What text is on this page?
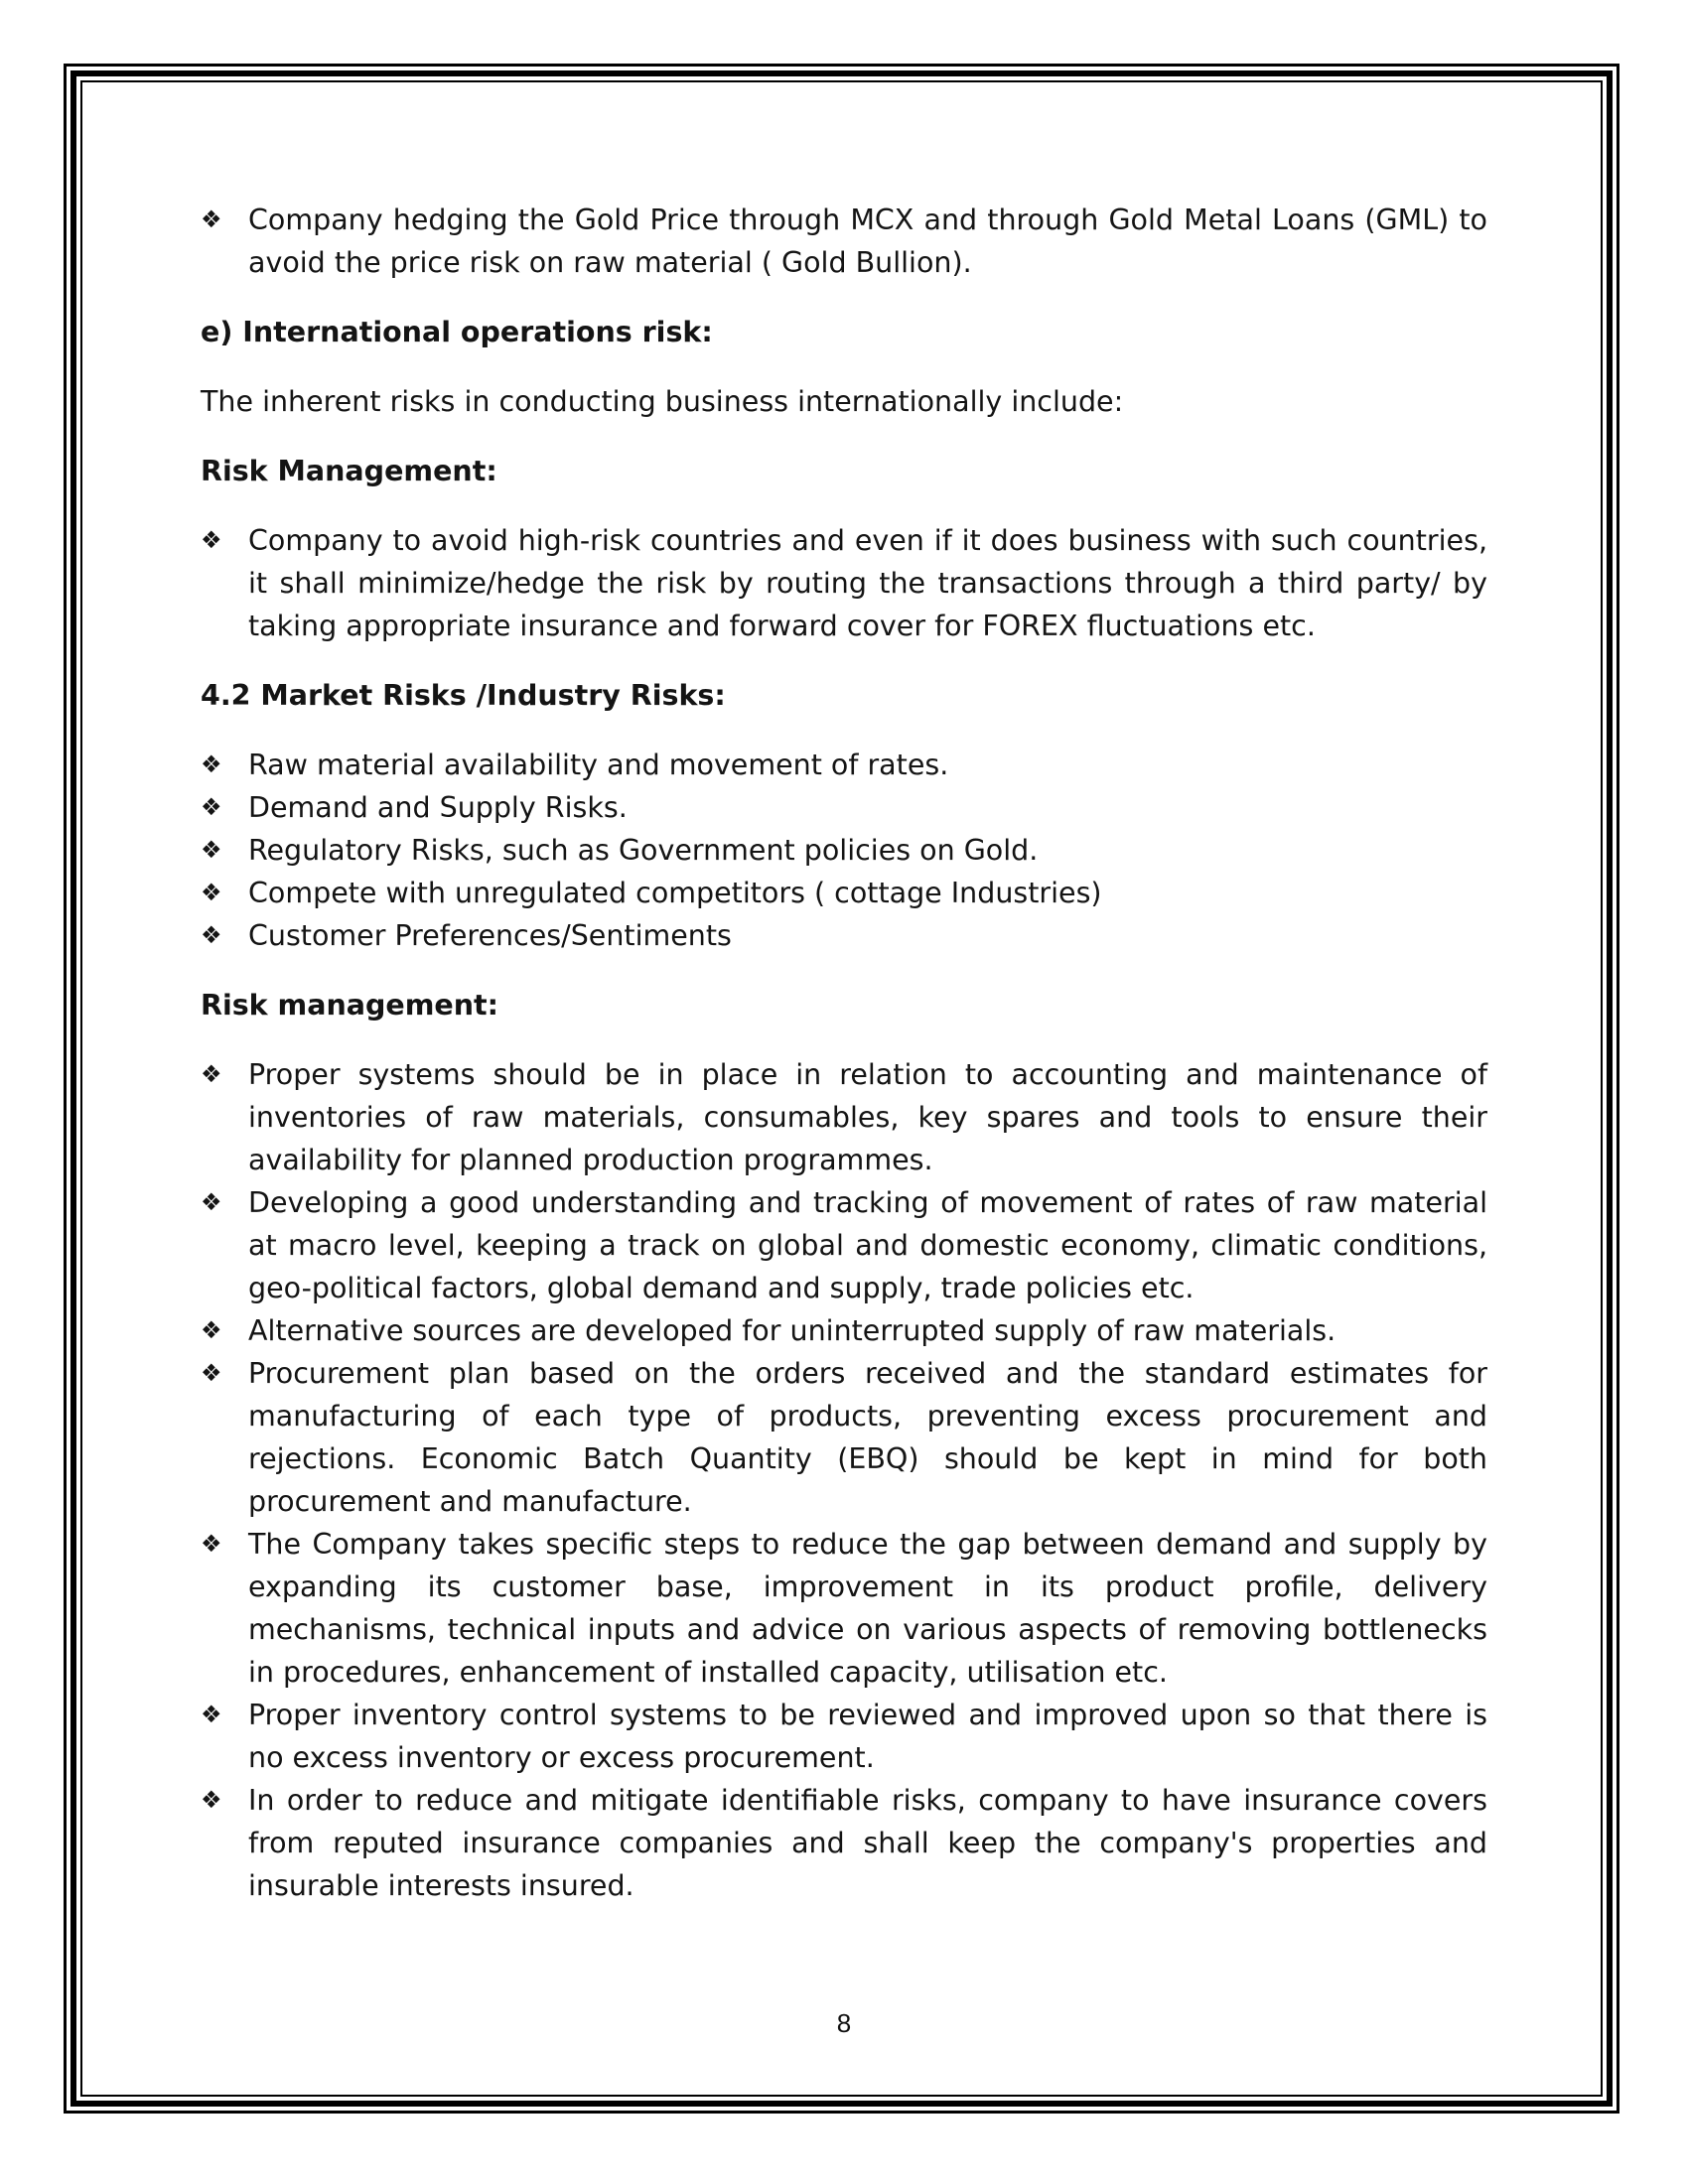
❖ Company hedging the Gold Price through MCX and through Gold Metal Loans (GML) to avoid the price risk on raw material ( Gold Bullion).
e) International operations risk:
The inherent risks in conducting business internationally include:
Risk Management:
❖ Company to avoid high-risk countries and even if it does business with such countries, it shall minimize/hedge the risk by routing the transactions through a third party/ by taking appropriate insurance and forward cover for FOREX fluctuations etc.
4.2 Market Risks /Industry Risks:
❖ Raw material availability and movement of rates.
❖ Demand and Supply Risks.
❖ Regulatory Risks, such as Government policies on Gold.
❖ Compete with unregulated competitors ( cottage Industries)
❖ Customer Preferences/Sentiments
Risk management:
❖ Proper systems should be in place in relation to accounting and maintenance of inventories of raw materials, consumables, key spares and tools to ensure their availability for planned production programmes.
❖ Developing a good understanding and tracking of movement of rates of raw material at macro level, keeping a track on global and domestic economy, climatic conditions, geo-political factors, global demand and supply, trade policies etc.
❖ Alternative sources are developed for uninterrupted supply of raw materials.
❖ Procurement plan based on the orders received and the standard estimates for manufacturing of each type of products, preventing excess procurement and rejections. Economic Batch Quantity (EBQ) should be kept in mind for both procurement and manufacture.
❖ The Company takes specific steps to reduce the gap between demand and supply by expanding its customer base, improvement in its product profile, delivery mechanisms, technical inputs and advice on various aspects of removing bottlenecks in procedures, enhancement of installed capacity, utilisation etc.
❖ Proper inventory control systems to be reviewed and improved upon so that there is no excess inventory or excess procurement.
❖ In order to reduce and mitigate identifiable risks, company to have insurance covers from reputed insurance companies and shall keep the company's properties and insurable interests insured.
8
